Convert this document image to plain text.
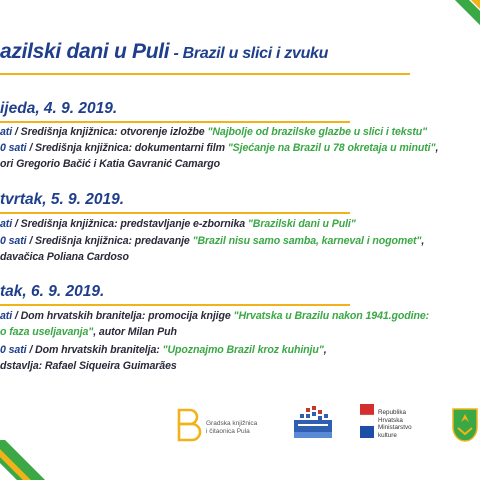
azilski dani u Puli - Brazil u slici i zvuku
ijeda, 4. 9. 2019.
ati / Središnja knjižnica: otvorenje izložbe "Najbolje od brazilske glazbe u slici i tekstu"
0 sati / Središnja knjižnica: dokumentarni film "Sjećanje na Brazil u 78 okretaja u minuti",
ori Gregorio Bačić i Katia Gavranić Camargo
tvrtak, 5. 9. 2019.
ati / Središnja knjižnica: predstavljanje e-zbornika "Brazilski dani u Puli"
0 sati / Središnja knjižnica: predavanje "Brazil nisu samo samba, karneval i nogomet",
davačica Poliana Cardoso
tak, 6. 9. 2019.
ati / Dom hrvatskih branitelja: promocija knjige "Hrvatska u Brazilu nakon 1941.godine:
o faza useljavanja", autor Milan Puh
0 sati / Dom hrvatskih branitelja: "Upoznajmo Brazil kroz kuhinju",
dstavlja: Rafael Siqueira Guimarães
Gradska knjižnica
i čitaonica Pula
Republika
Hrvatska
Ministarstvo
kulture
